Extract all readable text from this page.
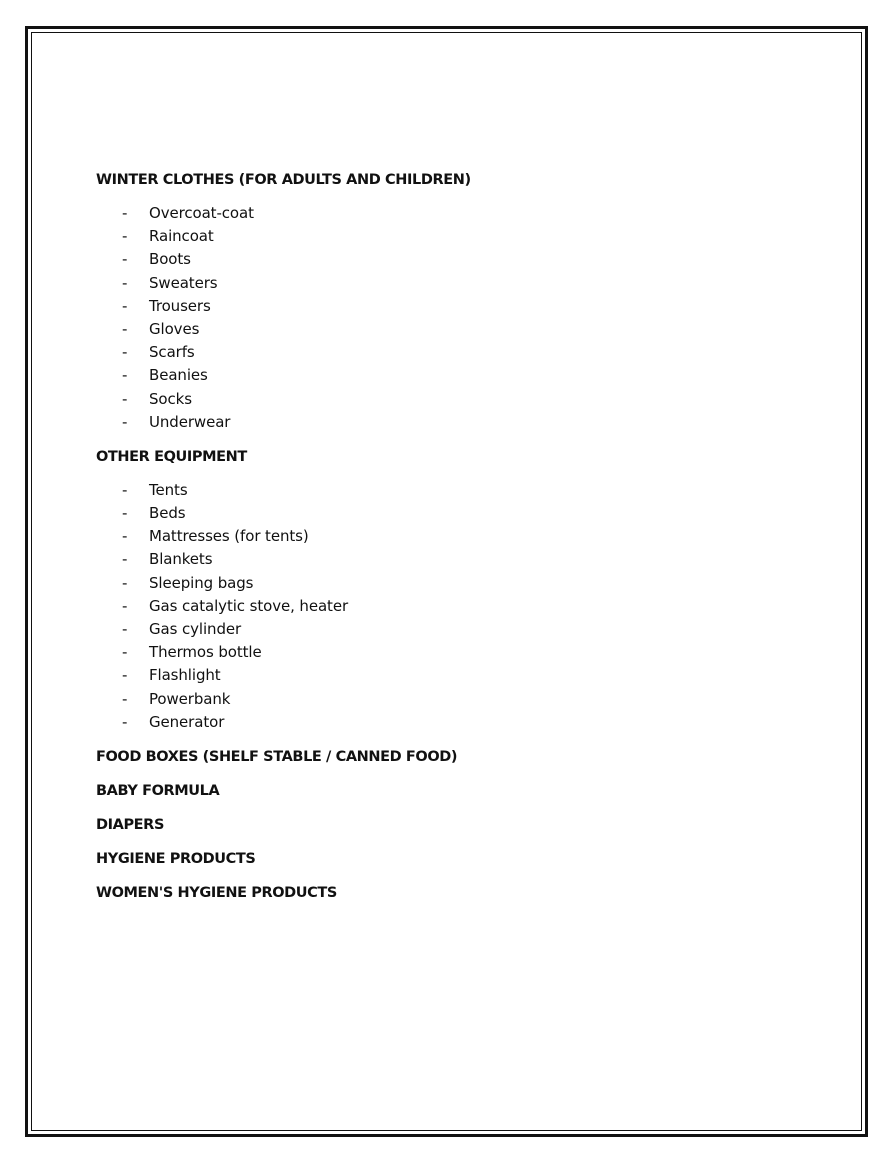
WINTER CLOTHES (FOR ADULTS AND CHILDREN)
- Overcoat-coat
- Raincoat
- Boots
- Sweaters
- Trousers
- Gloves
- Scarfs
- Beanies
- Socks
- Underwear
OTHER EQUIPMENT
- Tents
- Beds
- Mattresses (for tents)
- Blankets
- Sleeping bags
- Gas catalytic stove, heater
- Gas cylinder
- Thermos bottle
- Flashlight
- Powerbank
- Generator
FOOD BOXES (SHELF STABLE / CANNED FOOD)
BABY FORMULA
DIAPERS
HYGIENE PRODUCTS
WOMEN'S HYGIENE PRODUCTS
